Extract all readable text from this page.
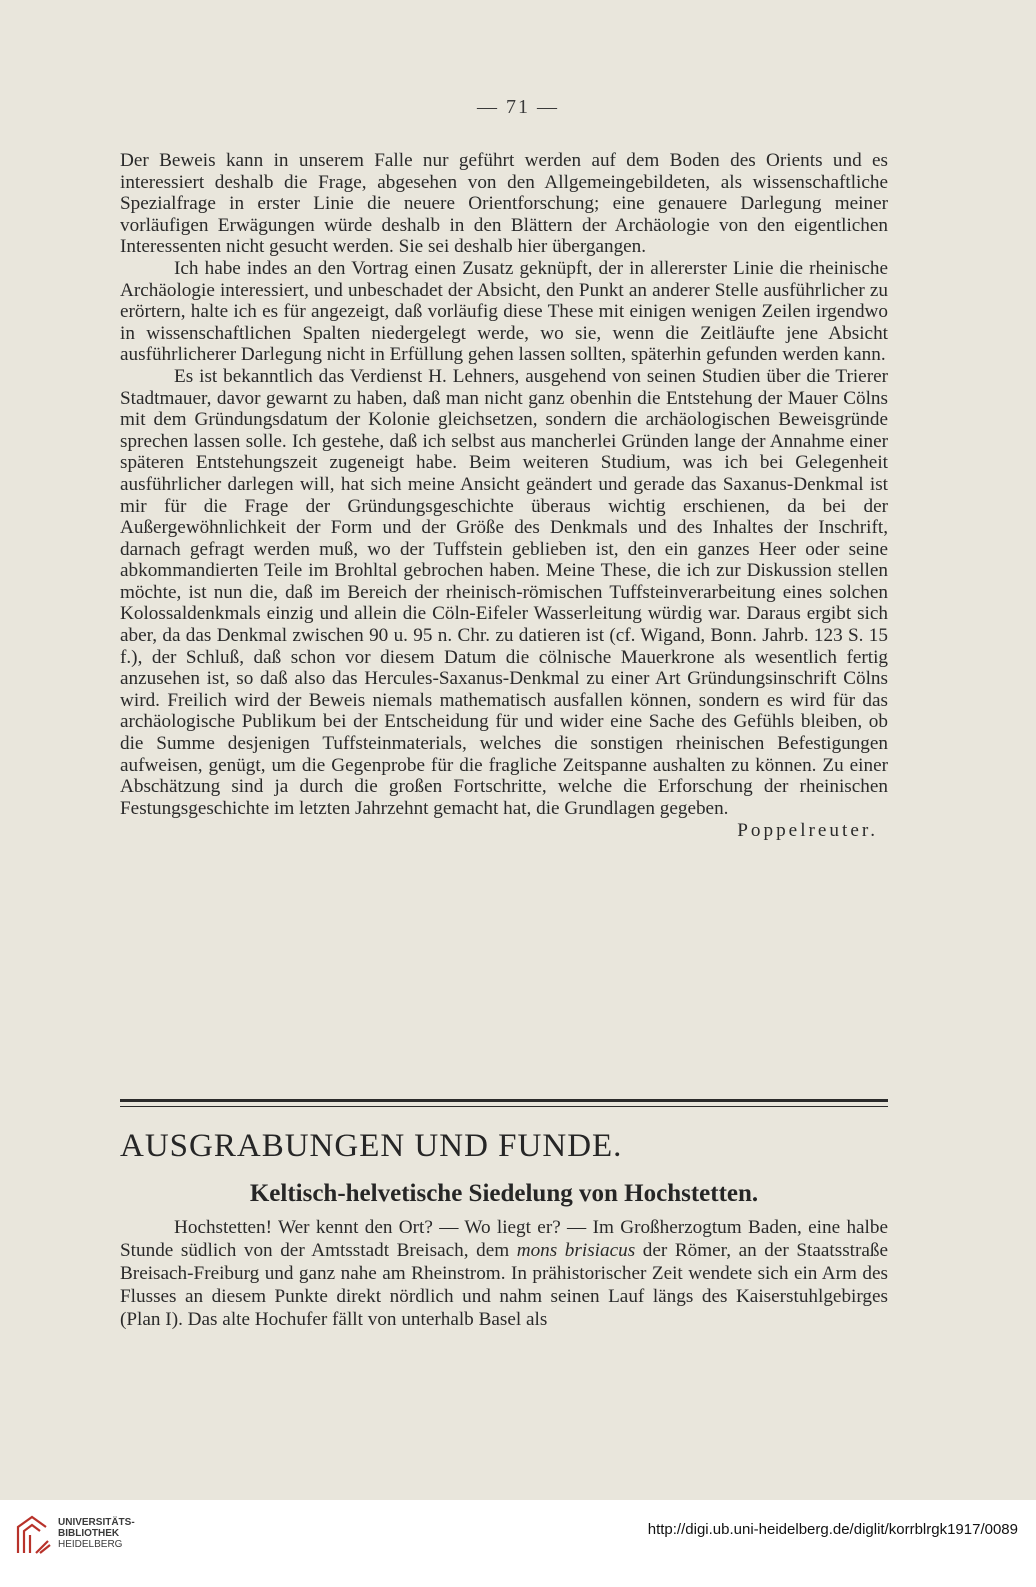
— 71 —

Der Beweis kann in unserem Falle nur geführt werden auf dem Boden des Orients und es interessiert deshalb die Frage, abgesehen von den Allgemeingebildeten, als wissenschaftliche Spezialfrage in erster Linie die neuere Orientforschung; eine genauere Darlegung meiner vorläufigen Erwägungen würde deshalb in den Blättern der Archäologie von den eigentlichen Interessenten nicht gesucht werden. Sie sei deshalb hier übergangen.

Ich habe indes an den Vortrag einen Zusatz geknüpft, der in allererster Linie die rheinische Archäologie interessiert, und unbeschadet der Absicht, den Punkt an anderer Stelle ausführlicher zu erörtern, halte ich es für angezeigt, daß vorläufig diese These mit einigen wenigen Zeilen irgendwo in wissenschaftlichen Spalten niedergelegt werde, wo sie, wenn die Zeitläufte jene Absicht ausführlicherer Darlegung nicht in Erfüllung gehen lassen sollten, späterhin gefunden werden kann.

Es ist bekanntlich das Verdienst H. Lehners, ausgehend von seinen Studien über die Trierer Stadtmauer, davor gewarnt zu haben, daß man nicht ganz obenhin die Entstehung der Mauer Cölns mit dem Gründungsdatum der Kolonie gleichsetzen, sondern die archäologischen Beweisgründe sprechen lassen solle. Ich gestehe, daß ich selbst aus mancherlei Gründen lange der Annahme einer späteren Entstehungszeit zugeneigt habe. Beim weiteren Studium, was ich bei Gelegenheit ausführlicher darlegen will, hat sich meine Ansicht geändert und gerade das Saxanus-Denkmal ist mir für die Frage der Gründungsgeschichte überaus wichtig erschienen, da bei der Außergewöhnlichkeit der Form und der Größe des Denkmals und des Inhaltes der Inschrift, darnach gefragt werden muß, wo der Tuffstein geblieben ist, den ein ganzes Heer oder seine abkommandierten Teile im Brohltal gebrochen haben. Meine These, die ich zur Diskussion stellen möchte, ist nun die, daß im Bereich der rheinisch-römischen Tuffsteinverarbeitung eines solchen Kolossaldenkmals einzig und allein die Cöln-Eifeler Wasserleitung würdig war. Daraus ergibt sich aber, da das Denkmal zwischen 90 u. 95 n. Chr. zu datieren ist (cf. Wigand, Bonn. Jahrb. 123 S. 15 f.), der Schluß, daß schon vor diesem Datum die cölnische Mauerkrone als wesentlich fertig anzusehen ist, so daß also das Hercules-Saxanus-Denkmal zu einer Art Gründungsinschrift Cölns wird. Freilich wird der Beweis niemals mathematisch ausfallen können, sondern es wird für das archäologische Publikum bei der Entscheidung für und wider eine Sache des Gefühls bleiben, ob die Summe desjenigen Tuffsteinmaterials, welches die sonstigen rheinischen Befestigungen aufweisen, genügt, um die Gegenprobe für die fragliche Zeitspanne aushalten zu können. Zu einer Abschätzung sind ja durch die großen Fortschritte, welche die Erforschung der rheinischen Festungsgeschichte im letzten Jahrzehnt gemacht hat, die Grundlagen gegeben.

Poppelreuter.
AUSGRABUNGEN UND FUNDE.
Keltisch-helvetische Siedelung von Hochstetten.

Hochstetten! Wer kennt den Ort? — Wo liegt er? — Im Großherzogtum Baden, eine halbe Stunde südlich von der Amtsstadt Breisach, dem mons brisiacus der Römer, an der Staatsstraße Breisach-Freiburg und ganz nahe am Rheinstrom. In prähistorischer Zeit wendete sich ein Arm des Flusses an diesem Punkte direkt nördlich und nahm seinen Lauf längs des Kaiserstuhlgebirges (Plan I). Das alte Hochufer fällt von unterhalb Basel als

UNIVERSITÄTS-
BIBLIOTHEK
HEIDELBERG
http://digi.ub.uni-heidelberg.de/diglit/korrblrgk1917/0089
